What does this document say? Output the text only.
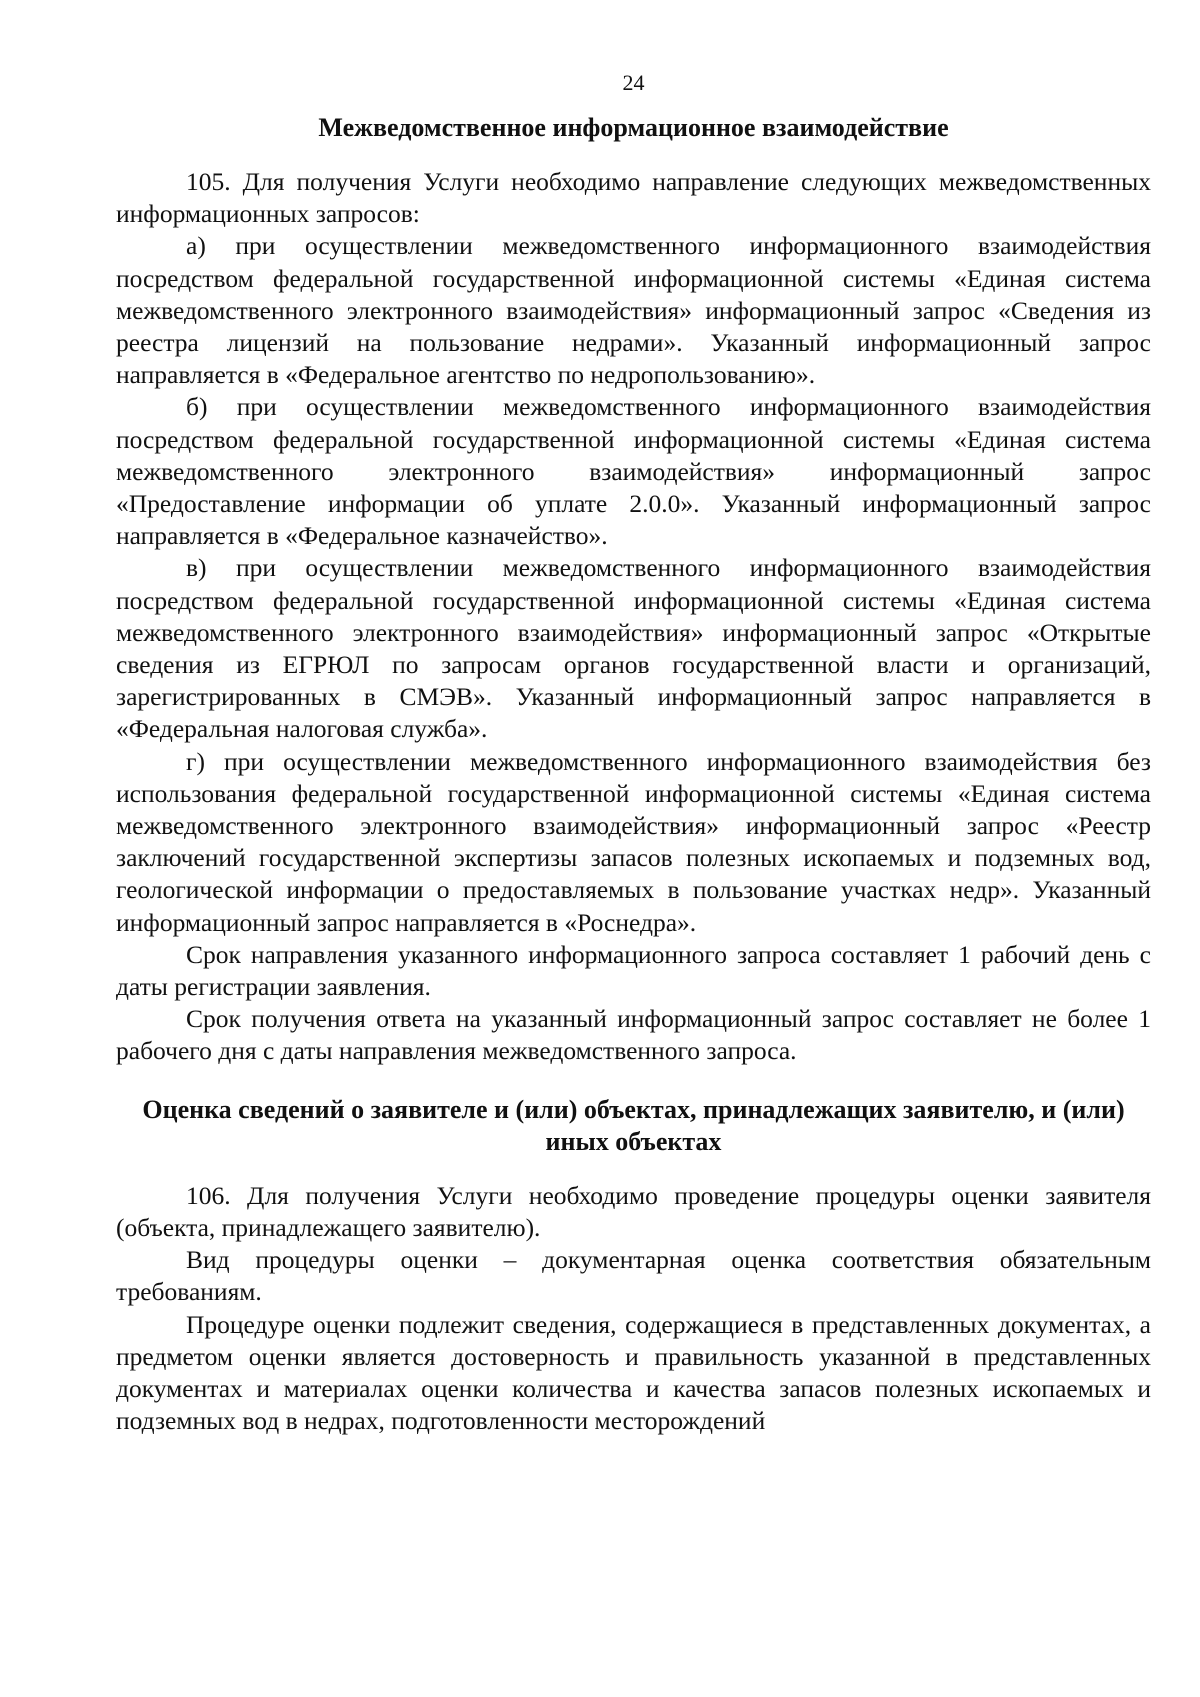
24
Межведомственное информационное взаимодействие

105. Для получения Услуги необходимо направление следующих межведомственных информационных запросов:

а) при осуществлении межведомственного информационного взаимодействия посредством федеральной государственной информационной системы «Единая система межведомственного электронного взаимодействия» информационный запрос «Сведения из реестра лицензий на пользование недрами». Указанный информационный запрос направляется в «Федеральное агентство по недропользованию».

б) при осуществлении межведомственного информационного взаимодействия посредством федеральной государственной информационной системы «Единая система межведомственного электронного взаимодействия» информационный запрос «Предоставление информации об уплате 2.0.0». Указанный информационный запрос направляется в «Федеральное казначейство».

в) при осуществлении межведомственного информационного взаимодействия посредством федеральной государственной информационной системы «Единая система межведомственного электронного взаимодействия» информационный запрос «Открытые сведения из ЕГРЮЛ по запросам органов государственной власти и организаций, зарегистрированных в СМЭВ». Указанный информационный запрос направляется в «Федеральная налоговая служба».

г) при осуществлении межведомственного информационного взаимодействия без использования федеральной государственной информационной системы «Единая система межведомственного электронного взаимодействия» информационный запрос «Реестр заключений государственной экспертизы запасов полезных ископаемых и подземных вод, геологической информации о предоставляемых в пользование участках недр». Указанный информационный запрос направляется в «Роснедра».

Срок направления указанного информационного запроса составляет 1 рабочий день с даты регистрации заявления.

Срок получения ответа на указанный информационный запрос составляет не более 1 рабочего дня с даты направления межведомственного запроса.

Оценка сведений о заявителе и (или) объектах, принадлежащих заявителю, и (или) иных объектах

106. Для получения Услуги необходимо проведение процедуры оценки заявителя (объекта, принадлежащего заявителю).

Вид процедуры оценки – документарная оценка соответствия обязательным требованиям.

Процедуре оценки подлежит сведения, содержащиеся в представленных документах, а предметом оценки является достоверность и правильность указанной в представленных документах и материалах оценки количества и качества запасов полезных ископаемых и подземных вод в недрах, подготовленности месторождений
